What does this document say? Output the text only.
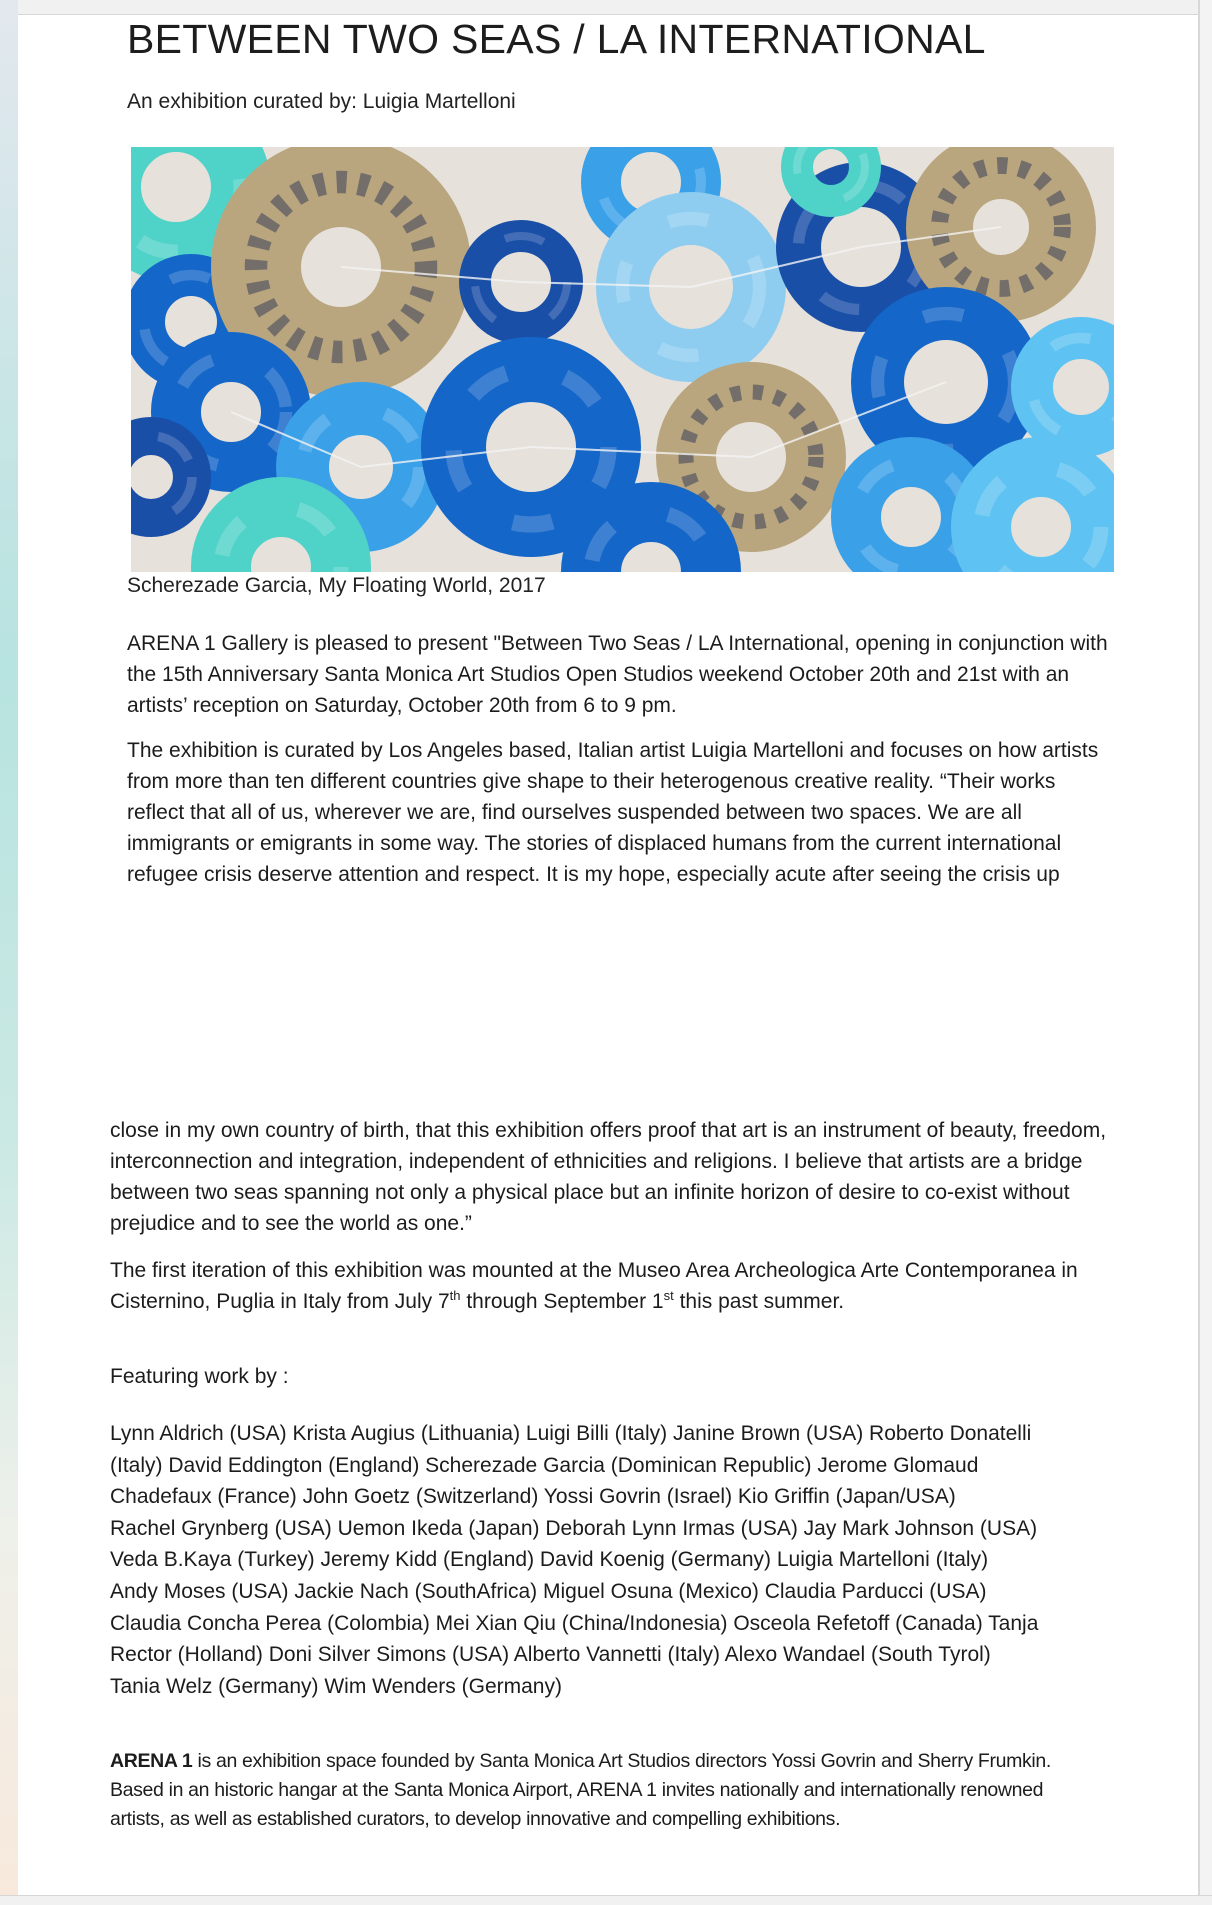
BETWEEN TWO SEAS / LA INTERNATIONAL
An exhibition curated by: Luigia Martelloni
Scherezade Garcia, My Floating World, 2017

ARENA 1 Gallery is pleased to present "Between Two Seas / LA International, opening in conjunction with the 15th Anniversary Santa Monica Art Studios Open Studios weekend October 20th and 21st with an artists’ reception on Saturday, October 20th from 6 to 9 pm.

The exhibition is curated by Los Angeles based, Italian artist Luigia Martelloni and focuses on how artists from more than ten different countries give shape to their heterogenous creative reality. “Their works reflect that all of us, wherever we are, find ourselves suspended between two spaces. We are all immigrants or emigrants in some way. The stories of displaced humans from the current international refugee crisis deserve attention and respect. It is my hope, especially acute after seeing the crisis up

close in my own country of birth, that this exhibition offers proof that art is an instrument of beauty, freedom, interconnection and integration, independent of ethnicities and religions. I believe that artists are a bridge between two seas spanning not only a physical place but an infinite horizon of desire to co-exist without prejudice and to see the world as one.”

The first iteration of this exhibition was mounted at the Museo Area Archeologica Arte Contemporanea in Cisternino, Puglia in Italy from July 7th through September 1st this past summer.

Featuring work by :
Lynn Aldrich (USA) Krista Augius (Lithuania) Luigi Billi (Italy) Janine Brown (USA) Roberto Donatelli
(Italy) David Eddington (England) Scherezade Garcia (Dominican Republic) Jerome Glomaud
Chadefaux (France) John Goetz (Switzerland) Yossi Govrin (Israel) Kio Griffin (Japan/USA)
Rachel Grynberg (USA) Uemon Ikeda (Japan) Deborah Lynn Irmas (USA) Jay Mark Johnson (USA)
Veda B.Kaya (Turkey) Jeremy Kidd (England) David Koenig (Germany) Luigia Martelloni (Italy)
Andy Moses (USA) Jackie Nach (SouthAfrica) Miguel Osuna (Mexico) Claudia Parducci (USA)
Claudia Concha Perea (Colombia) Mei Xian Qiu (China/Indonesia) Osceola Refetoff (Canada) Tanja
Rector (Holland) Doni Silver Simons (USA) Alberto Vannetti (Italy) Alexo Wandael (South Tyrol)
Tania Welz (Germany) Wim Wenders (Germany)
ARENA 1 is an exhibition space founded by Santa Monica Art Studios directors Yossi Govrin and Sherry Frumkin.
Based in an historic hangar at the Santa Monica Airport, ARENA 1 invites nationally and internationally renowned
artists, as well as established curators, to develop innovative and compelling exhibitions.
